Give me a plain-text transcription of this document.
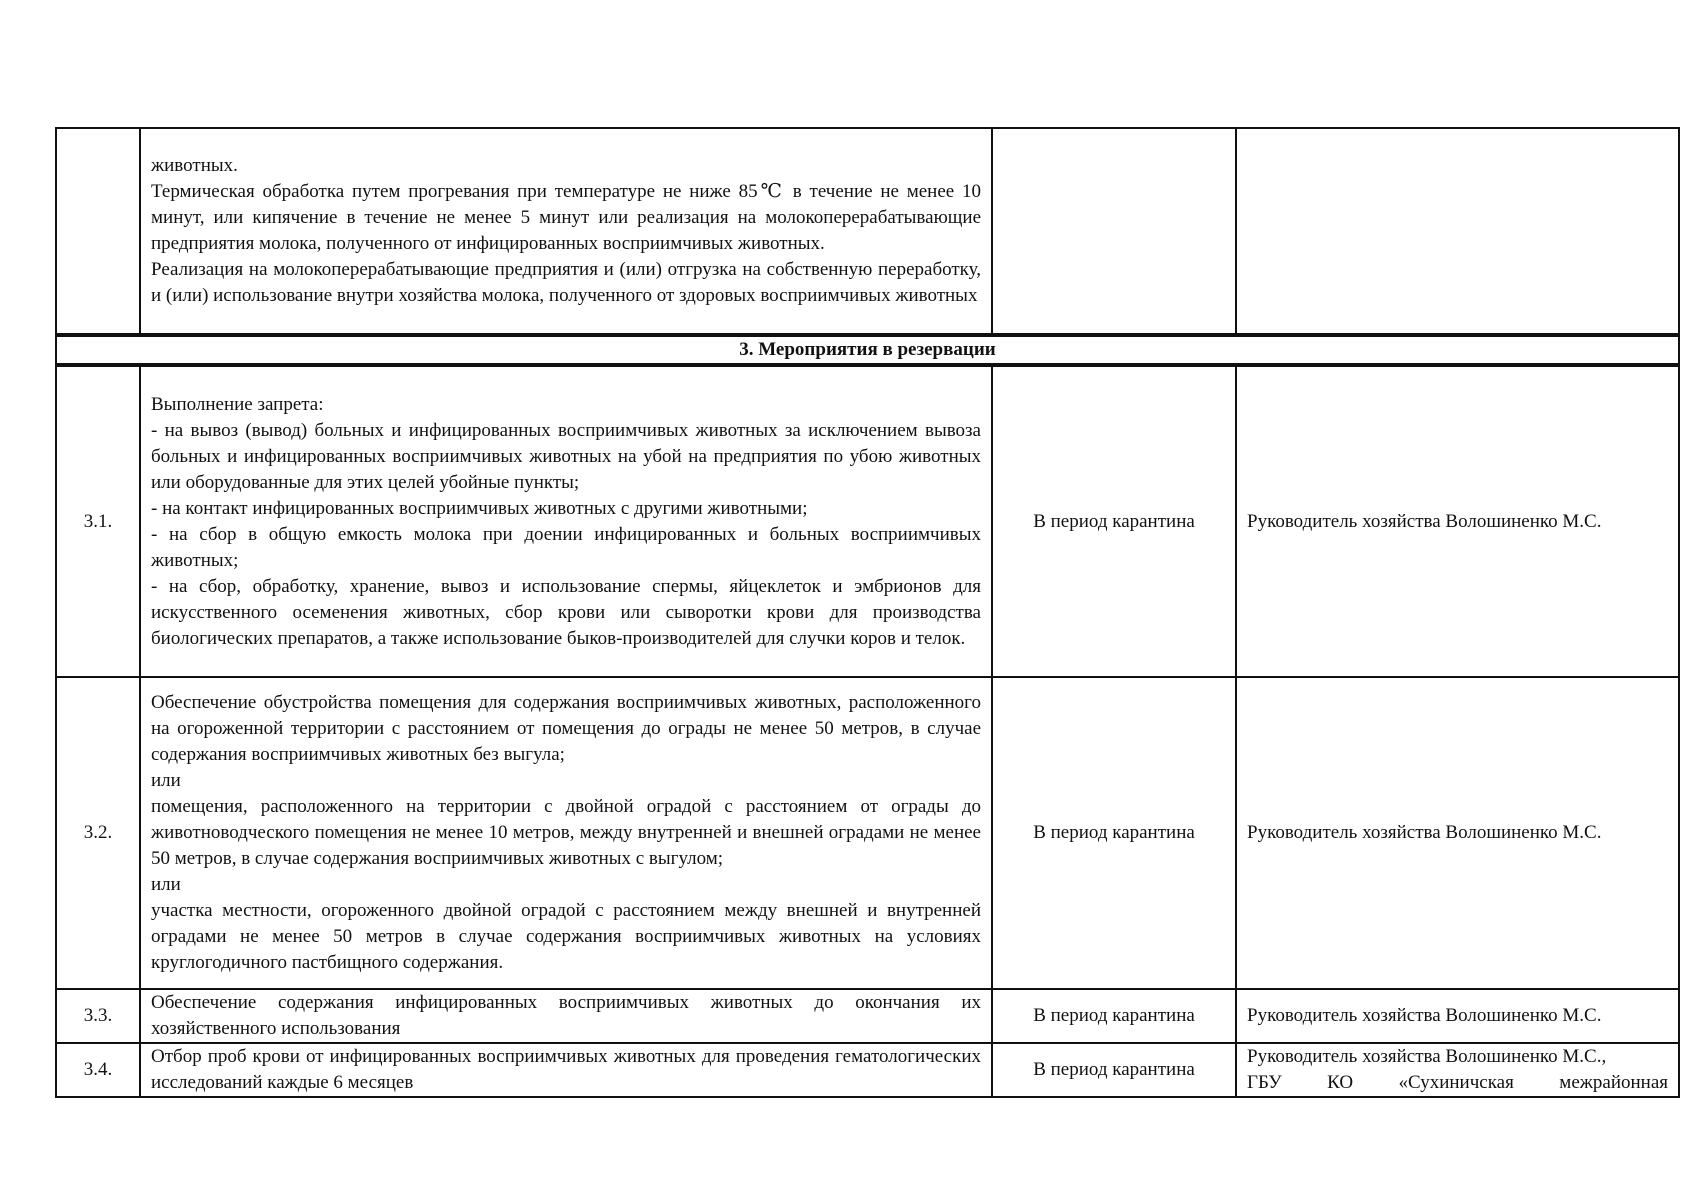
	животных.
Термическая обработка путем прогревания при температуре не ниже 85℃ в течение не менее 10 минут, или кипячение в течение не менее 5 минут или реализация на молокоперерабатывающие предприятия молока, полученного от инфицированных восприимчивых животных.
Реализация на молокоперерабатывающие предприятия и (или) отгрузка на собственную переработку, и (или) использование внутри хозяйства молока, полученного от здоровых восприимчивых животных		

3. Мероприятия в резервации			
3.1.	Выполнение запрета:
- на вывоз (вывод) больных и инфицированных восприимчивых животных за исключением вывоза больных и инфицированных восприимчивых животных на убой на предприятия по убою животных или оборудованные для этих целей убойные пункты;
- на контакт инфицированных восприимчивых животных с другими животными;
- на сбор в общую емкость молока при доении инфицированных и больных восприимчивых животных;
- на сбор, обработку, хранение, вывоз и использование спермы, яйцеклеток и эмбрионов для искусственного осеменения животных, сбор крови или сыворотки крови для производства биологических препаратов, а также использование быков-производителей для случки коров и телок.	В период карантина	Руководитель хозяйства Волошиненко М.С.
3.2.	Обеспечение обустройства помещения для содержания восприимчивых животных, расположенного на огороженной территории с расстоянием от помещения до ограды не менее 50 метров, в случае содержания восприимчивых животных без выгула;
или
помещения, расположенного на территории с двойной оградой с расстоянием от ограды до животноводческого помещения не менее 10 метров, между внутренней и внешней оградами не менее 50 метров, в случае содержания восприимчивых животных с выгулом;
или
участка местности, огороженного двойной оградой с расстоянием между внешней и внутренней оградами не менее 50 метров в случае содержания восприимчивых животных на условиях круглогодичного пастбищного содержания.	В период карантина	Руководитель хозяйства Волошиненко М.С.
3.3.	Обеспечение содержания инфицированных восприимчивых животных до окончания их хозяйственного использования	В период карантина	Руководитель хозяйства Волошиненко М.С.
3.4.	Отбор проб крови от инфицированных восприимчивых животных для проведения гематологических исследований каждые 6 месяцев	В период карантина	Руководитель хозяйства Волошиненко М.С.,
ГБУ КО «Сухиничская межрайонная
